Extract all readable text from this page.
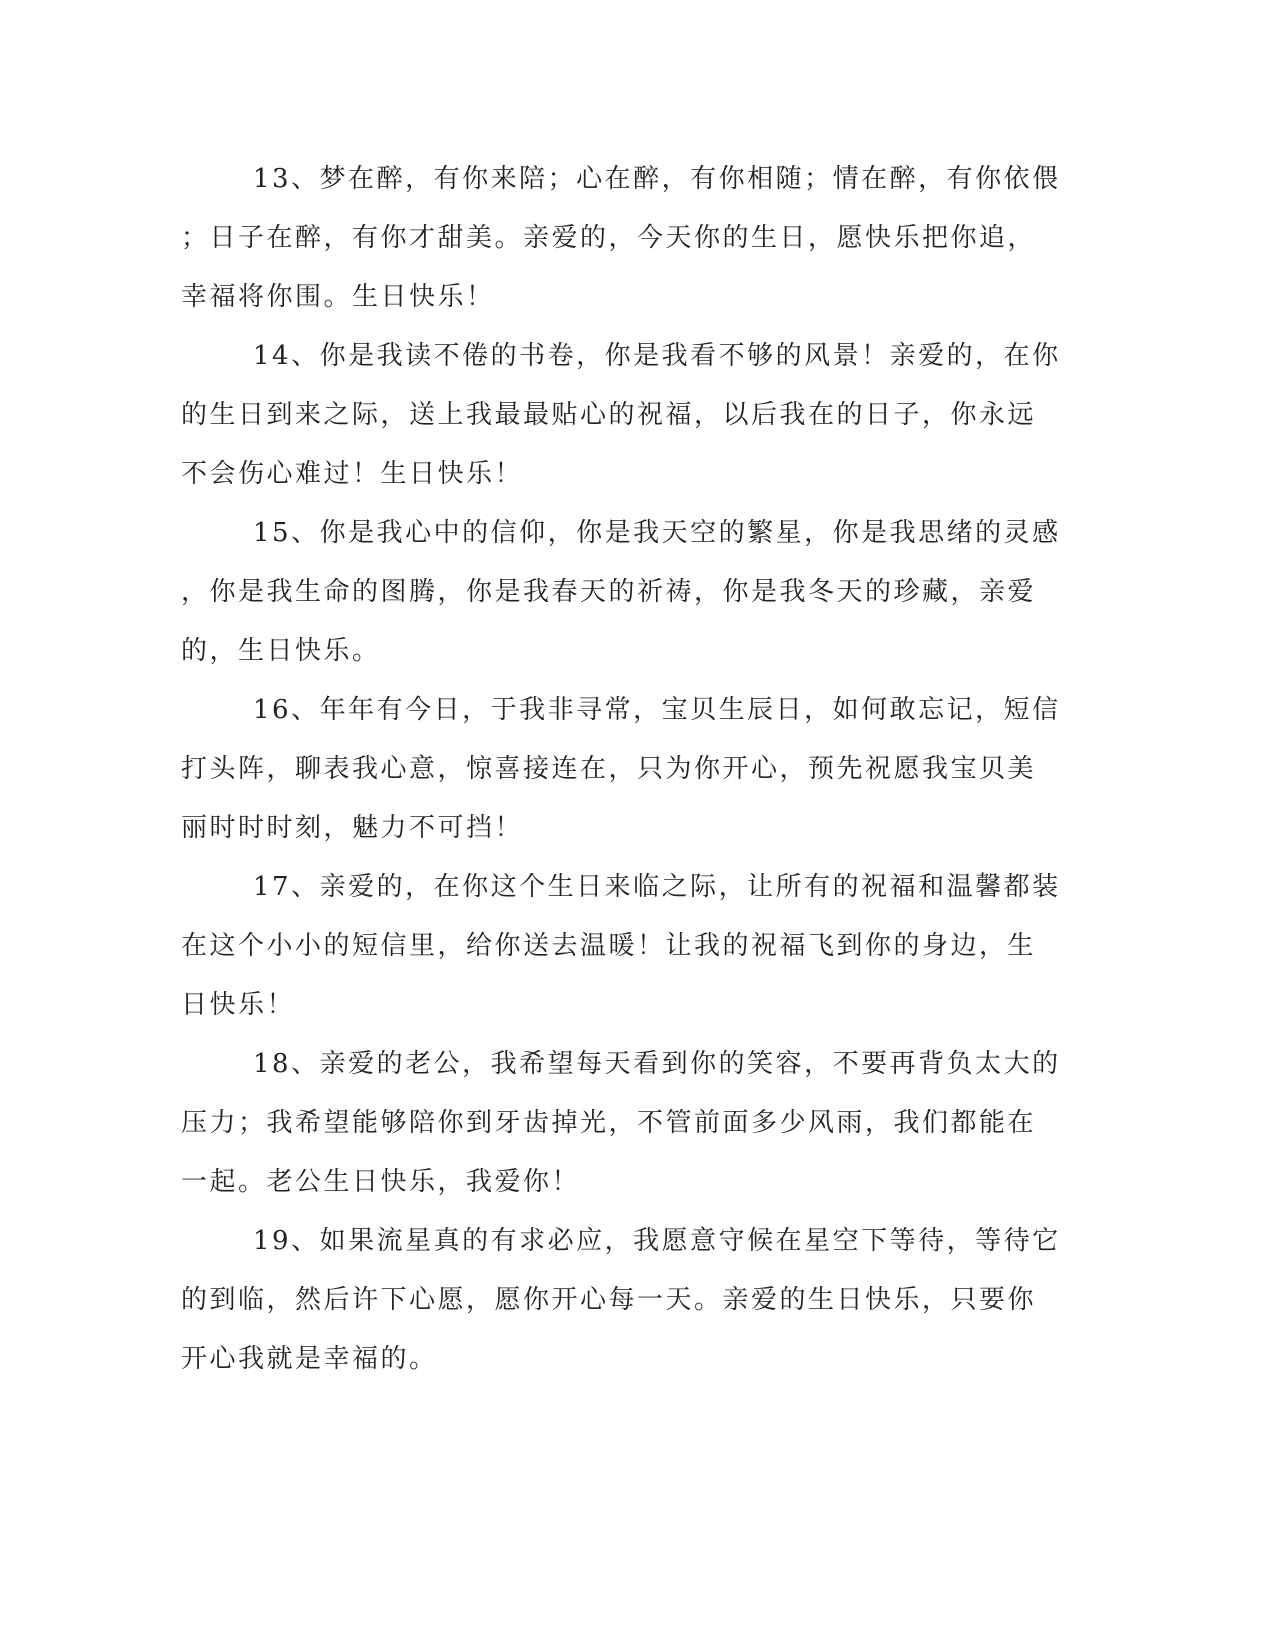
13、梦在醉，有你来陪；心在醉，有你相随；情在醉，有你依偎
；日子在醉，有你才甜美。亲爱的，今天你的生日，愿快乐把你追，
幸福将你围。生日快乐！
14、你是我读不倦的书卷，你是我看不够的风景！亲爱的，在你
的生日到来之际，送上我最最贴心的祝福，以后我在的日子，你永远
不会伤心难过！生日快乐！
15、你是我心中的信仰，你是我天空的繁星，你是我思绪的灵感
，你是我生命的图腾，你是我春天的祈祷，你是我冬天的珍藏，亲爱
的，生日快乐。
16、年年有今日，于我非寻常，宝贝生辰日，如何敢忘记，短信
打头阵，聊表我心意，惊喜接连在，只为你开心，预先祝愿我宝贝美
丽时时时刻，魅力不可挡！
17、亲爱的，在你这个生日来临之际，让所有的祝福和温馨都装
在这个小小的短信里，给你送去温暖！让我的祝福飞到你的身边，生
日快乐！
18、亲爱的老公，我希望每天看到你的笑容，不要再背负太大的
压力；我希望能够陪你到牙齿掉光，不管前面多少风雨，我们都能在
一起。老公生日快乐，我爱你！
19、如果流星真的有求必应，我愿意守候在星空下等待，等待它
的到临，然后许下心愿，愿你开心每一天。亲爱的生日快乐，只要你
开心我就是幸福的。
